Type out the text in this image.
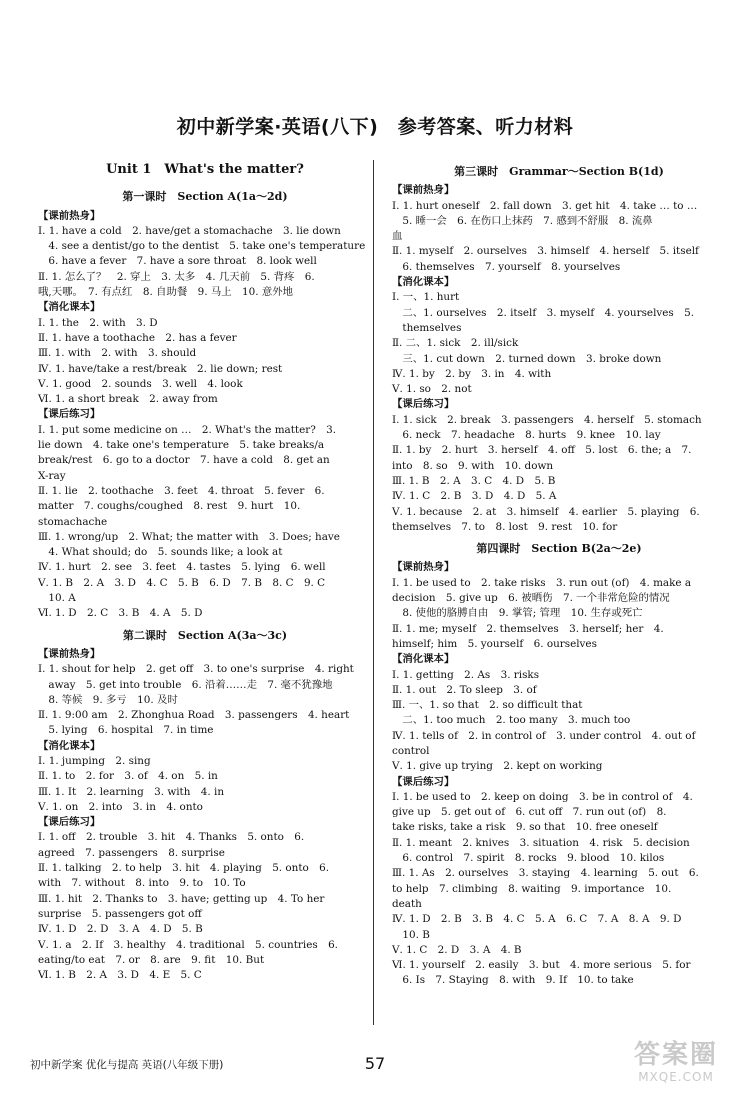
初中新学案·英语(八下)　参考答案、听力材料
Unit 1　What's the matter?
第一课时　Section A(1a～2d)
【课前热身】
Ⅰ. 1. have a cold　2. have/get a stomachache　3. lie down
　4. see a dentist/go to the dentist　5. take one's temperature
　6. have a fever　7. have a sore throat　8. look well
Ⅱ. 1. 怎么了？　2. 穿上　3. 太多　4. 几天前　5. 背疼　6.
哦,天哪。　7. 有点红　8. 自助餐　9. 马上　10. 意外地
【消化课本】
Ⅰ. 1. the　2. with　3. D
Ⅱ. 1. have a toothache　2. has a fever
Ⅲ. 1. with　2. with　3. should
Ⅳ. 1. have/take a rest/break　2. lie down; rest
Ⅴ. 1. good　2. sounds　3. well　4. look
Ⅵ. 1. a short break　2. away from
【课后练习】
Ⅰ. 1. put some medicine on …　2. What's the matter?　3.
lie down　4. take one's temperature　5. take breaks/a
break/rest　6. go to a doctor　7. have a cold　8. get an
X-ray
Ⅱ. 1. lie　2. toothache　3. feet　4. throat　5. fever　6.
matter　7. coughs/coughed　8. rest　9. hurt　10.
stomachache
Ⅲ. 1. wrong/up　2. What; the matter with　3. Does; have
　4. What should; do　5. sounds like; a look at
Ⅳ. 1. hurt　2. see　3. feet　4. tastes　5. lying　6. well
Ⅴ. 1. B　2. A　3. D　4. C　5. B　6. D　7. B　8. C　9. C
　10. A
Ⅵ. 1. D　2. C　3. B　4. A　5. D
第二课时　Section A(3a～3c)
【课前热身】
Ⅰ. 1. shout for help　2. get off　3. to one's surprise　4. right
　away　5. get into trouble　6. 沿着……走　7. 毫不犹豫地
　8. 等候　9. 多亏　10. 及时
Ⅱ. 1. 9:00 am　2. Zhonghua Road　3. passengers　4. heart
　5. lying　6. hospital　7. in time
【消化课本】
Ⅰ. 1. jumping　2. sing
Ⅱ. 1. to　2. for　3. of　4. on　5. in
Ⅲ. 1. It　2. learning　3. with　4. in
Ⅴ. 1. on　2. into　3. in　4. onto
【课后练习】
Ⅰ. 1. off　2. trouble　3. hit　4. Thanks　5. onto　6.
agreed　7. passengers　8. surprise
Ⅱ. 1. talking　2. to help　3. hit　4. playing　5. onto　6.
with　7. without　8. into　9. to　10. To
Ⅲ. 1. hit　2. Thanks to　3. have; getting up　4. To her
surprise　5. passengers got off
Ⅳ. 1. D　2. D　3. A　4. D　5. B
Ⅴ. 1. a　2. If　3. healthy　4. traditional　5. countries　6.
eating/to eat　7. or　8. are　9. fit　10. But
Ⅵ. 1. B　2. A　3. D　4. E　5. C
第三课时　Grammar～Section B(1d)
【课前热身】
Ⅰ. 1. hurt oneself　2. fall down　3. get hit　4. take … to …
　5. 睡一会　6. 在伤口上抹药　7. 感到不舒服　8. 流鼻
血
Ⅱ. 1. myself　2. ourselves　3. himself　4. herself　5. itself
　6. themselves　7. yourself　8. yourselves
【消化课本】
Ⅰ. 一、1. hurt
　二、1. ourselves　2. itself　3. myself　4. yourselves　5.
　themselves
Ⅱ. 二、1. sick　2. ill/sick
　三、1. cut down　2. turned down　3. broke down
Ⅳ. 1. by　2. by　3. in　4. with
Ⅴ. 1. so　2. not
【课后练习】
Ⅰ. 1. sick　2. break　3. passengers　4. herself　5. stomach
　6. neck　7. headache　8. hurts　9. knee　10. lay
Ⅱ. 1. by　2. hurt　3. herself　4. off　5. lost　6. the; a　7.
into　8. so　9. with　10. down
Ⅲ. 1. B　2. A　3. C　4. D　5. B
Ⅳ. 1. C　2. B　3. D　4. D　5. A
Ⅴ. 1. because　2. at　3. himself　4. earlier　5. playing　6.
themselves　7. to　8. lost　9. rest　10. for
第四课时　Section B(2a～2e)
【课前热身】
Ⅰ. 1. be used to　2. take risks　3. run out (of)　4. make a
decision　5. give up　6. 被晒伤　7. 一个非常危险的情况
　8. 使他的胳膊自由　9. 掌管; 管理　10. 生存或死亡
Ⅱ. 1. me; myself　2. themselves　3. herself; her　4.
himself; him　5. yourself　6. ourselves
【消化课本】
Ⅰ. 1. getting　2. As　3. risks
Ⅱ. 1. out　2. To sleep　3. of
Ⅲ. 一、1. so that　2. so difficult that
　二、1. too much　2. too many　3. much too
Ⅳ. 1. tells of　2. in control of　3. under control　4. out of
control
Ⅴ. 1. give up trying　2. kept on working
【课后练习】
Ⅰ. 1. be used to　2. keep on doing　3. be in control of　4.
give up　5. get out of　6. cut off　7. run out (of)　8.
take risks, take a risk　9. so that　10. free oneself
Ⅱ. 1. meant　2. knives　3. situation　4. risk　5. decision
　6. control　7. spirit　8. rocks　9. blood　10. kilos
Ⅲ. 1. As　2. ourselves　3. staying　4. learning　5. out　6.
to help　7. climbing　8. waiting　9. importance　10.
death
Ⅳ. 1. D　2. B　3. B　4. C　5. A　6. C　7. A　8. A　9. D
　10. B
Ⅴ. 1. C　2. D　3. A　4. B
Ⅵ. 1. yourself　2. easily　3. but　4. more serious　5. for
　6. Is　7. Staying　8. with　9. If　10. to take
初中新学案 优化与提高 英语(八年级下册)	57	答案圈
MXQE.COM
